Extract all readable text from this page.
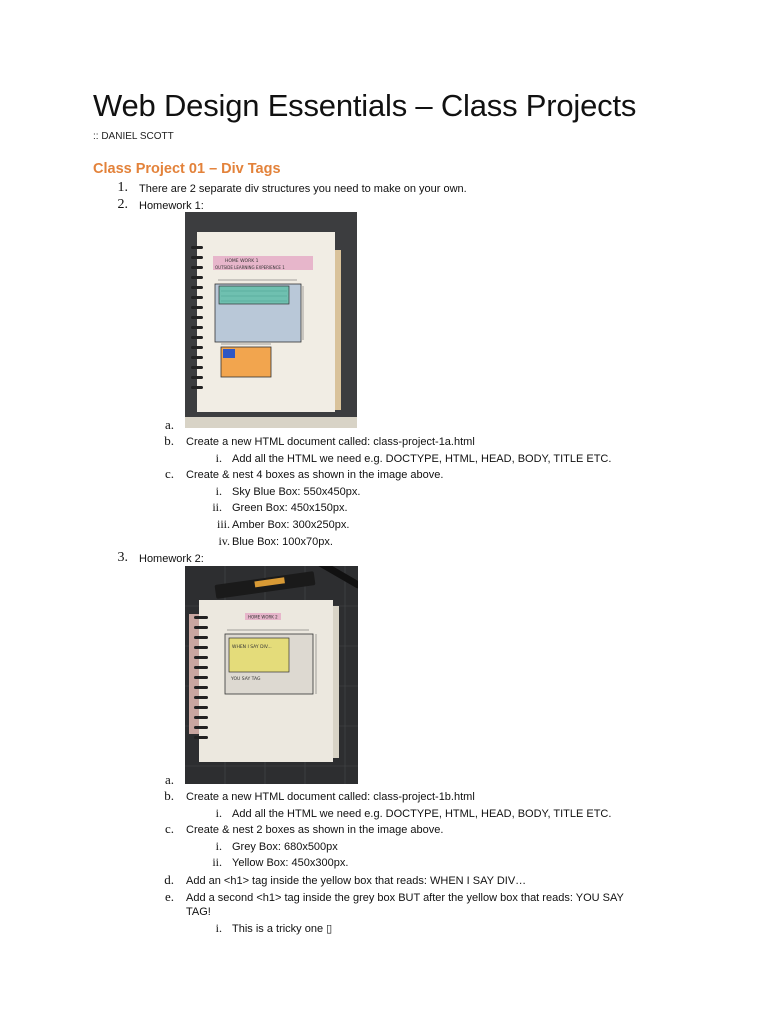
Web Design Essentials – Class Projects
:: DANIEL SCOTT
Class Project 01 – Div Tags
There are 2 separate div structures you need to make on your own.
1.
Homework 1:
2.
HOME WORK 1
OUTSIDE LEARNING EXPERIENCE 1
a.
Create a new HTML document called: class-project-1a.html
b.
Add all the HTML we need e.g. DOCTYPE, HTML, HEAD, BODY, TITLE ETC.
i.
Create & nest 4 boxes as shown in the image above.
c.
Sky Blue Box: 550x450px.
i.
Green Box: 450x150px.
ii.
Amber Box: 300x250px.
iii.
Blue Box: 100x70px.
iv.
Homework 2:
3.
HOME WORK 2
WHEN I SAY DIV...
YOU SAY TAG
a.
Create a new HTML document called: class-project-1b.html
b.
Add all the HTML we need e.g. DOCTYPE, HTML, HEAD, BODY, TITLE ETC.
i.
Create & nest 2 boxes as shown in the image above.
c.
Grey Box: 680x500px
i.
Yellow Box: 450x300px.
ii.
Add an <h1> tag inside the yellow box that reads: WHEN I SAY DIV…
d.
Add a second <h1> tag inside the grey box BUT after the yellow box that reads: YOU SAY
e.
TAG!
This is a tricky one ▯
i.
